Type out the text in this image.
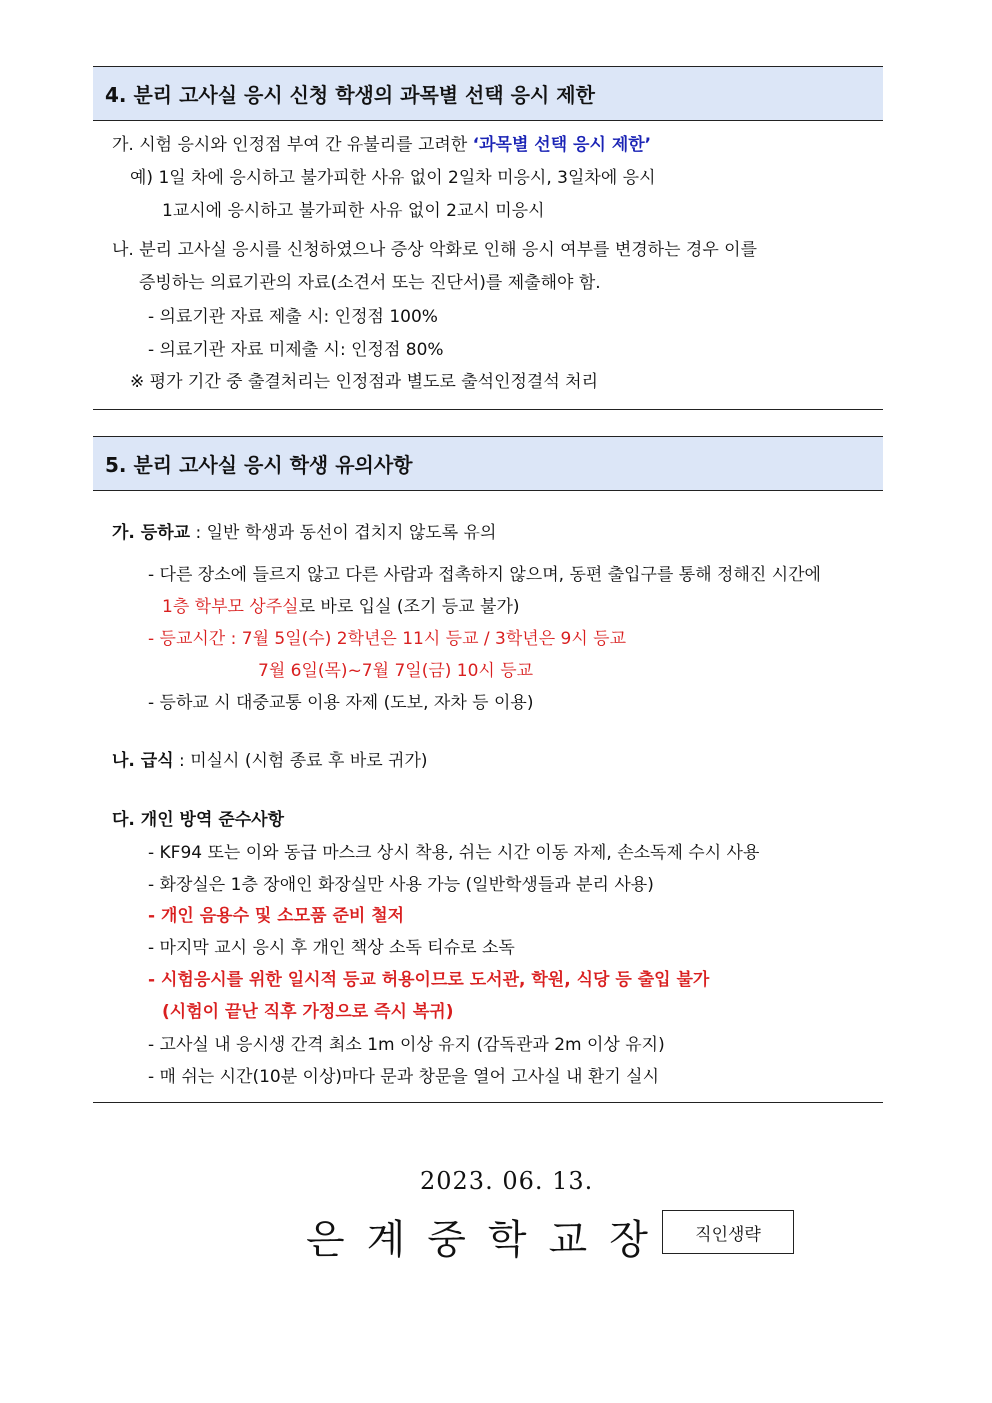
4. 분리 고사실 응시 신청 학생의 과목별 선택 응시 제한
가. 시험 응시와 인정점 부여 간 유불리를 고려한 ‘과목별 선택 응시 제한’
예) 1일 차에 응시하고 불가피한 사유 없이 2일차 미응시, 3일차에 응시
1교시에 응시하고 불가피한 사유 없이 2교시 미응시
나. 분리 고사실 응시를 신청하였으나 증상 악화로 인해 응시 여부를 변경하는 경우 이를
증빙하는 의료기관의 자료(소견서 또는 진단서)를 제출해야 함.
- 의료기관 자료 제출 시: 인정점 100%
- 의료기관 자료 미제출 시: 인정점 80%
※ 평가 기간 중 출결처리는 인정점과 별도로 출석인정결석 처리
5. 분리 고사실 응시 학생 유의사항
가. 등하교 : 일반 학생과 동선이 겹치지 않도록 유의
- 다른 장소에 들르지 않고 다른 사람과 접촉하지 않으며, 동편 출입구를 통해 정해진 시간에
1층 학부모 상주실로 바로 입실 (조기 등교 불가)
- 등교시간 : 7월 5일(수) 2학년은 11시 등교 / 3학년은 9시 등교
7월 6일(목)~7월 7일(금) 10시 등교
- 등하교 시 대중교통 이용 자제 (도보, 자차 등 이용)
나. 급식 : 미실시 (시험 종료 후 바로 귀가)
다. 개인 방역 준수사항
- KF94 또는 이와 동급 마스크 상시 착용, 쉬는 시간 이동 자제, 손소독제 수시 사용
- 화장실은 1층 장애인 화장실만 사용 가능 (일반학생들과 분리 사용)
- 개인 음용수 및 소모품 준비 철저
- 마지막 교시 응시 후 개인 책상 소독 티슈로 소독
- 시험응시를 위한 일시적 등교 허용이므로 도서관, 학원, 식당 등 출입 불가
(시험이 끝난 직후 가정으로 즉시 복귀)
- 고사실 내 응시생 간격 최소 1m 이상 유지 (감독관과 2m 이상 유지)
- 매 쉬는 시간(10분 이상)마다 문과 창문을 열어 고사실 내 환기 실시
2023. 06. 13.
은계중학교장 직인생략
